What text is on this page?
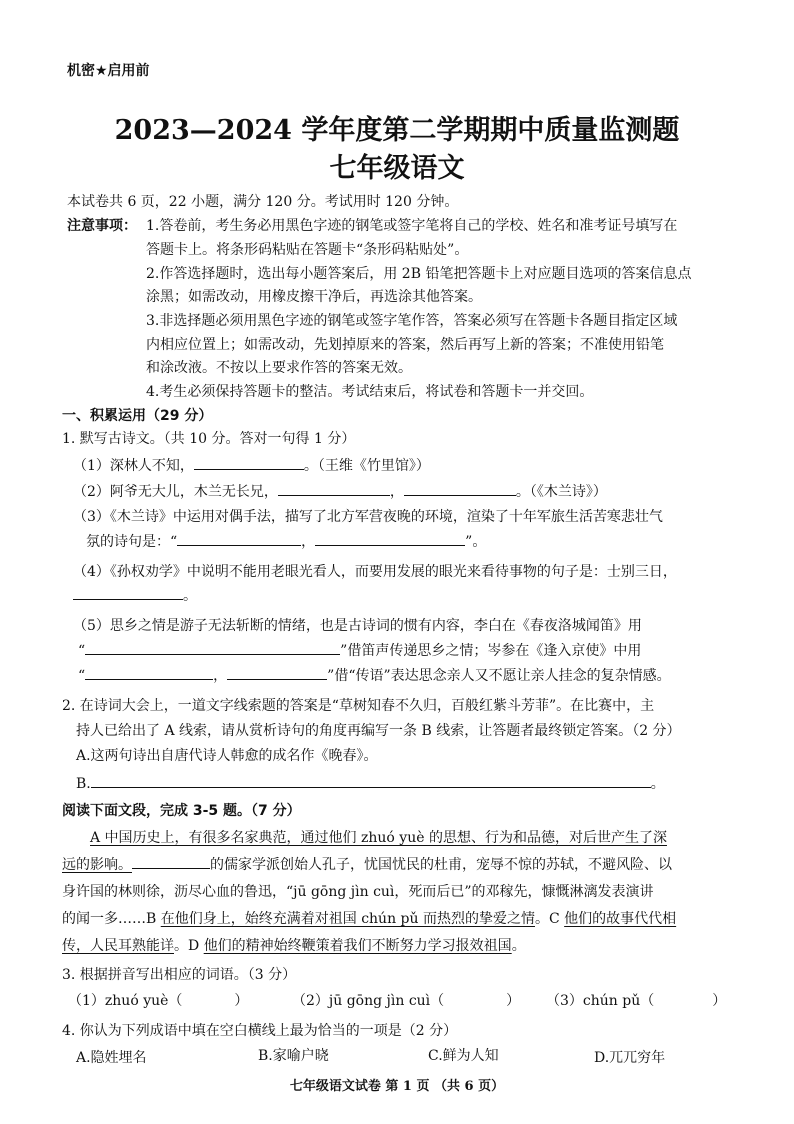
机密★启用前
2023—2024 学年度第二学期期中质量监测题
七年级语文
本试卷共 6 页，22 小题，满分 120 分。考试用时 120 分钟。
注意事项： 1.答卷前，考生务必用黑色字迹的钢笔或签字笔将自己的学校、姓名和准考证号填写在
答题卡上。将条形码粘贴在答题卡“条形码粘贴处”。
2.作答选择题时，选出每小题答案后，用 2B 铅笔把答题卡上对应题目选项的答案信息点
涂黑；如需改动，用橡皮擦干净后，再选涂其他答案。
3.非选择题必须用黑色字迹的钢笔或签字笔作答，答案必须写在答题卡各题目指定区域
内相应位置上；如需改动，先划掉原来的答案，然后再写上新的答案；不准使用铅笔
和涂改液。不按以上要求作答的答案无效。
4.考生必须保持答题卡的整洁。考试结束后，将试卷和答题卡一并交回。
一、积累运用（29 分）
1. 默写古诗文。（共 10 分。答对一句得 1 分）
（1）深林人不知，	。（王维《竹里馆》）
（2）阿爷无大儿，木兰无长兄，	，	。（《木兰诗》）
（3）《木兰诗》中运用对偶手法，描写了北方军营夜晚的环境，渲染了十年军旅生活苦寒悲壮气
氛的诗句是：“	，	”。
（4）《孙权劝学》中说明不能用老眼光看人，而要用发展的眼光来看待事物的句子是：士别三日，
。
（5）思乡之情是游子无法斩断的情绪，也是古诗词的惯有内容，李白在《春夜洛城闻笛》用
“	”借笛声传递思乡之情；岑参在《逢入京使》中用
“	，	”借“传语”表达思念亲人又不愿让亲人挂念的复杂情感。
2. 在诗词大会上，一道文字线索题的答案是“草树知春不久归，百般红紫斗芳菲”。在比赛中，主
持人已给出了 A 线索，请从赏析诗句的角度再编写一条 B 线索，让答题者最终锁定答案。（2 分）
A.这两句诗出自唐代诗人韩愈的成名作《晚春》。
B.	。
阅读下面文段，完成 3-5 题。（7 分）
A 中国历史上，有很多名家典范，通过他们 zhuó yuè 的思想、行为和品德，对后世产生了深
远的影响。	的儒家学派创始人孔子，忧国忧民的杜甫，宠辱不惊的苏轼，不避风险、以
身许国的林则徐，沥尽心血的鲁迅，“jū gōng jìn cuì，死而后已”的邓稼先，慷慨淋漓发表演讲
的闻一多……B 在他们身上，始终充满着对祖国 chún pǔ 而热烈的挚爱之情。C 他们的故事代代相
传，人民耳熟能详。D 他们的精神始终鞭策着我们不断努力学习报效祖国。
3. 根据拼音写出相应的词语。（3 分）
（1）zhuó yuè（	）	（2）jū gōng jìn cuì（	） （3）chún pǔ（	）
4. 你认为下列成语中填在空白横线上最为恰当的一项是（2 分）
A.隐姓埋名	B.家喻户晓	C.鲜为人知	D.兀兀穷年
七年级语文试卷 第 1 页 （共 6 页）
